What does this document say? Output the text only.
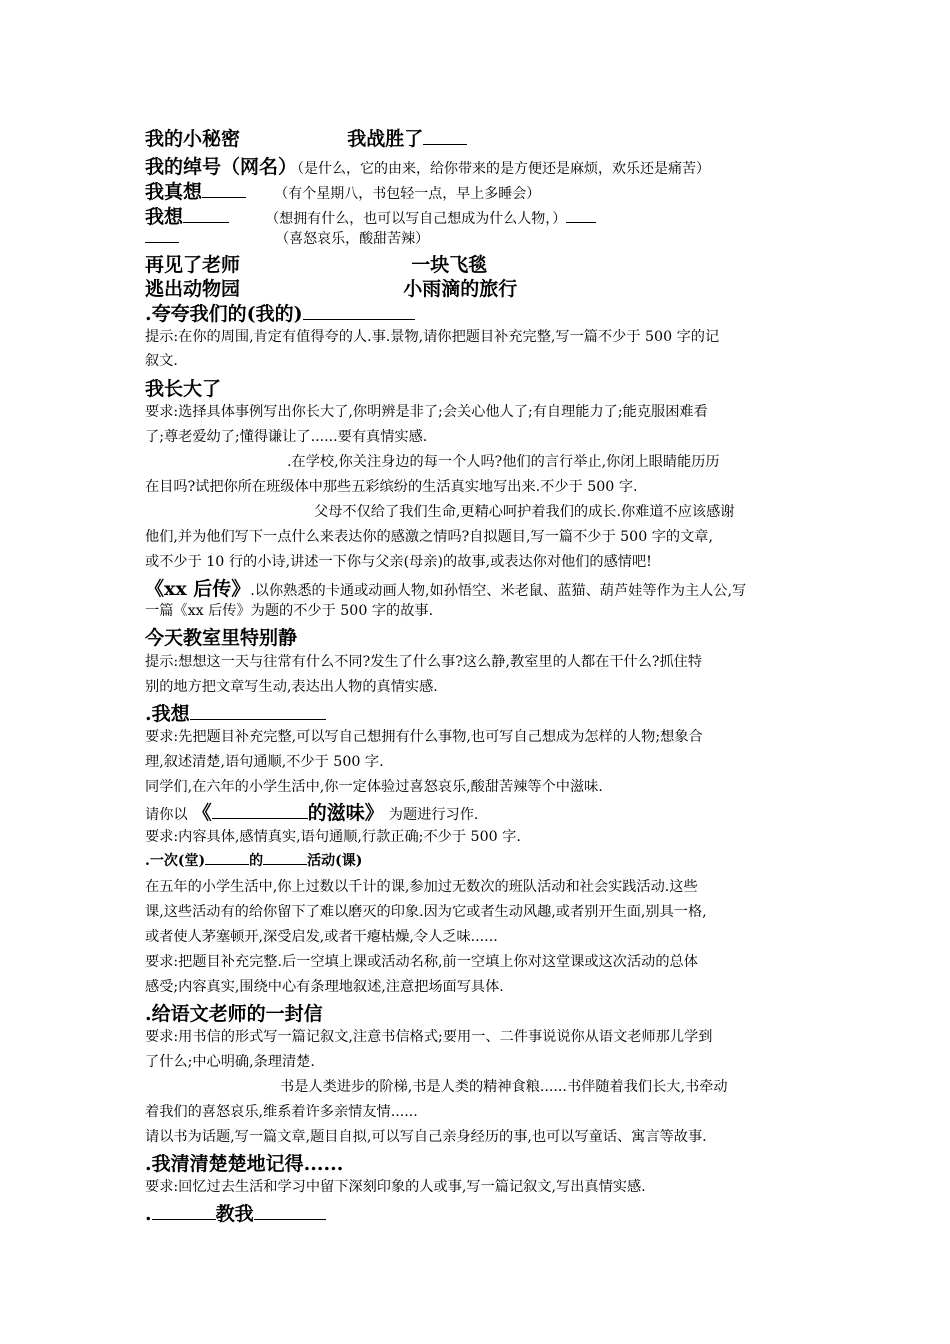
我的小秘密	我战胜了
我的绰号（网名）（是什么，它的由来，给你带来的是方便还是麻烦，欢乐还是痛苦）
我真想	（有个星期八，书包轻一点，早上多睡会）
我想	（想拥有什么，也可以写自己想成为什么人物，）
（喜怒哀乐，酸甜苦辣）
再见了老师	一块飞毯
逃出动物园	小雨滴的旅行
.夸夸我们的(我的)
提示:在你的周围,肯定有值得夸的人.事.景物,请你把题目补充完整,写一篇不少于 500 字的记
叙文.
我长大了
要求:选择具体事例写出你长大了,你明辨是非了;会关心他人了;有自理能力了;能克服困难看
了;尊老爱幼了;懂得谦让了......要有真情实感.
.在学校,你关注身边的每一个人吗?他们的言行举止,你闭上眼睛能历历
在目吗?试把你所在班级体中那些五彩缤纷的生活真实地写出来.不少于 500 字.
父母不仅给了我们生命,更精心呵护着我们的成长.你难道不应该感谢
他们,并为他们写下一点什么来表达你的感激之情吗?自拟题目,写一篇不少于 500 字的文章,
或不少于 10 行的小诗,讲述一下你与父亲(母亲)的故事,或表达你对他们的感情吧!
《xx 后传》.以你熟悉的卡通或动画人物,如孙悟空、米老鼠、蓝猫、葫芦娃等作为主人公,写
一篇《xx 后传》为题的不少于 500 字的故事.
今天教室里特别静
提示:想想这一天与往常有什么不同?发生了什么事?这么静,教室里的人都在干什么?抓住特
别的地方把文章写生动,表达出人物的真情实感.
.我想
要求:先把题目补充完整,可以写自己想拥有什么事物,也可写自己想成为怎样的人物;想象合
理,叙述清楚,语句通顺,不少于 500 字.
同学们,在六年的小学生活中,你一定体验过喜怒哀乐,酸甜苦辣等个中滋味.
请你以 《	的滋味》 为题进行习作.
要求:内容具体,感情真实,语句通顺,行款正确;不少于 500 字.
.一次(堂)	的	活动(课)
在五年的小学生活中,你上过数以千计的课,参加过无数次的班队活动和社会实践活动.这些
课,这些活动有的给你留下了难以磨灭的印象.因为它或者生动风趣,或者别开生面,别具一格,
或者使人茅塞顿开,深受启发,或者干瘪枯燥,令人乏味......
要求:把题目补充完整.后一空填上课或活动名称,前一空填上你对这堂课或这次活动的总体
感受;内容真实,围绕中心有条理地叙述,注意把场面写具体.
.给语文老师的一封信
要求:用书信的形式写一篇记叙文,注意书信格式;要用一、二件事说说你从语文老师那儿学到
了什么;中心明确,条理清楚.
书是人类进步的阶梯,书是人类的精神食粮......书伴随着我们长大,书牵动
着我们的喜怒哀乐,维系着许多亲情友情......
请以书为话题,写一篇文章,题目自拟,可以写自己亲身经历的事,也可以写童话、寓言等故事.
.我清清楚楚地记得......
要求:回忆过去生活和学习中留下深刻印象的人或事,写一篇记叙文,写出真情实感.
.	教我
